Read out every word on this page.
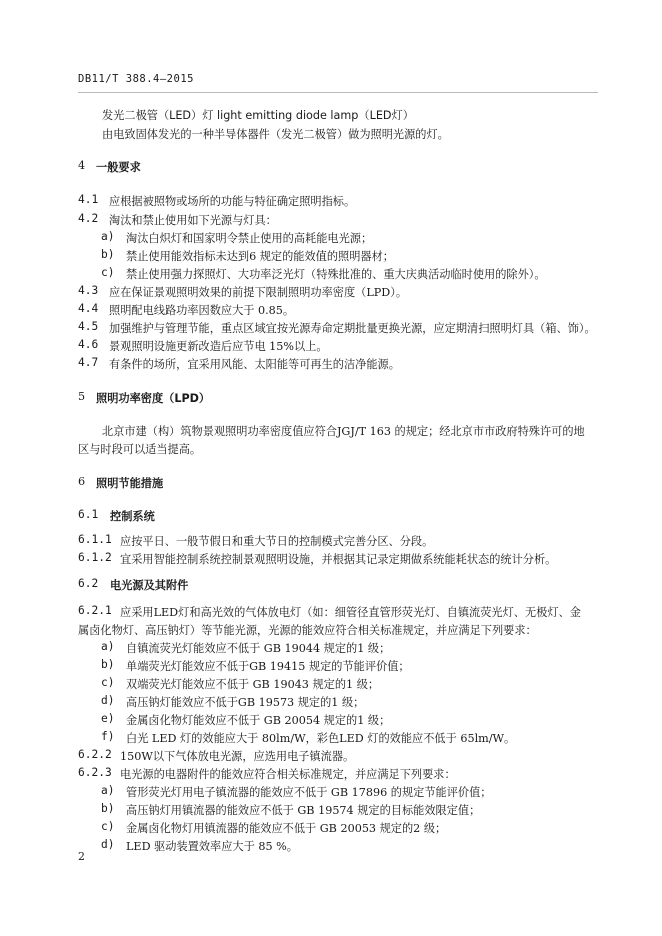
DB11/T 388.4—2015
发光二极管（LED）灯 light emitting diode lamp（LED灯）
由电致固体发光的一种半导体器件（发光二极管）做为照明光源的灯。
4 一般要求
4.1 应根据被照物或场所的功能与特征确定照明指标。
4.2 淘汰和禁止使用如下光源与灯具：
a) 淘汰白炽灯和国家明令禁止使用的高耗能电光源；
b) 禁止使用能效指标未达到6 规定的能效值的照明器材；
c) 禁止使用强力探照灯、大功率泛光灯（特殊批准的、重大庆典活动临时使用的除外）。
4.3 应在保证景观照明效果的前提下限制照明功率密度（LPD）。
4.4 照明配电线路功率因数应大于 0.85。
4.5 加强维护与管理节能，重点区域宜按光源寿命定期批量更换光源，应定期清扫照明灯具（箱、饰）。
4.6 景观照明设施更新改造后应节电 15%以上。
4.7 有条件的场所，宜采用风能、太阳能等可再生的洁净能源。
5 照明功率密度（LPD）
北京市建（构）筑物景观照明功率密度值应符合JGJ/T 163 的规定；经北京市市政府特殊许可的地
区与时段可以适当提高。
6 照明节能措施
6.1 控制系统
6.1.1 应按平日、一般节假日和重大节日的控制模式完善分区、分段。
6.1.2 宜采用智能控制系统控制景观照明设施，并根据其记录定期做系统能耗状态的统计分析。
6.2 电光源及其附件
6.2.1 应采用LED灯和高光效的气体放电灯（如：细管径直管形荧光灯、自镇流荧光灯、无极灯、金
属卤化物灯、高压钠灯）等节能光源，光源的能效应符合相关标准规定，并应满足下列要求：
a) 自镇流荧光灯能效应不低于 GB 19044 规定的1 级；
b) 单端荧光灯能效应不低于GB 19415 规定的节能评价值；
c) 双端荧光灯能效应不低于 GB 19043 规定的1 级；
d) 高压钠灯能效应不低于GB 19573 规定的1 级；
e) 金属卤化物灯能效应不低于 GB 20054 规定的1 级；
f) 白光 LED 灯的效能应大于 80lm/W，彩色LED 灯的效能应不低于 65lm/W。
6.2.2 150W以下气体放电光源，应选用电子镇流器。
6.2.3 电光源的电器附件的能效应符合相关标准规定，并应满足下列要求：
a) 管形荧光灯用电子镇流器的能效应不低于 GB 17896 的规定节能评价值；
b) 高压钠灯用镇流器的能效应不低于 GB 19574 规定的目标能效限定值；
c) 金属卤化物灯用镇流器的能效应不低于 GB 20053 规定的2 级；
d) LED 驱动装置效率应大于 85 %。
2
